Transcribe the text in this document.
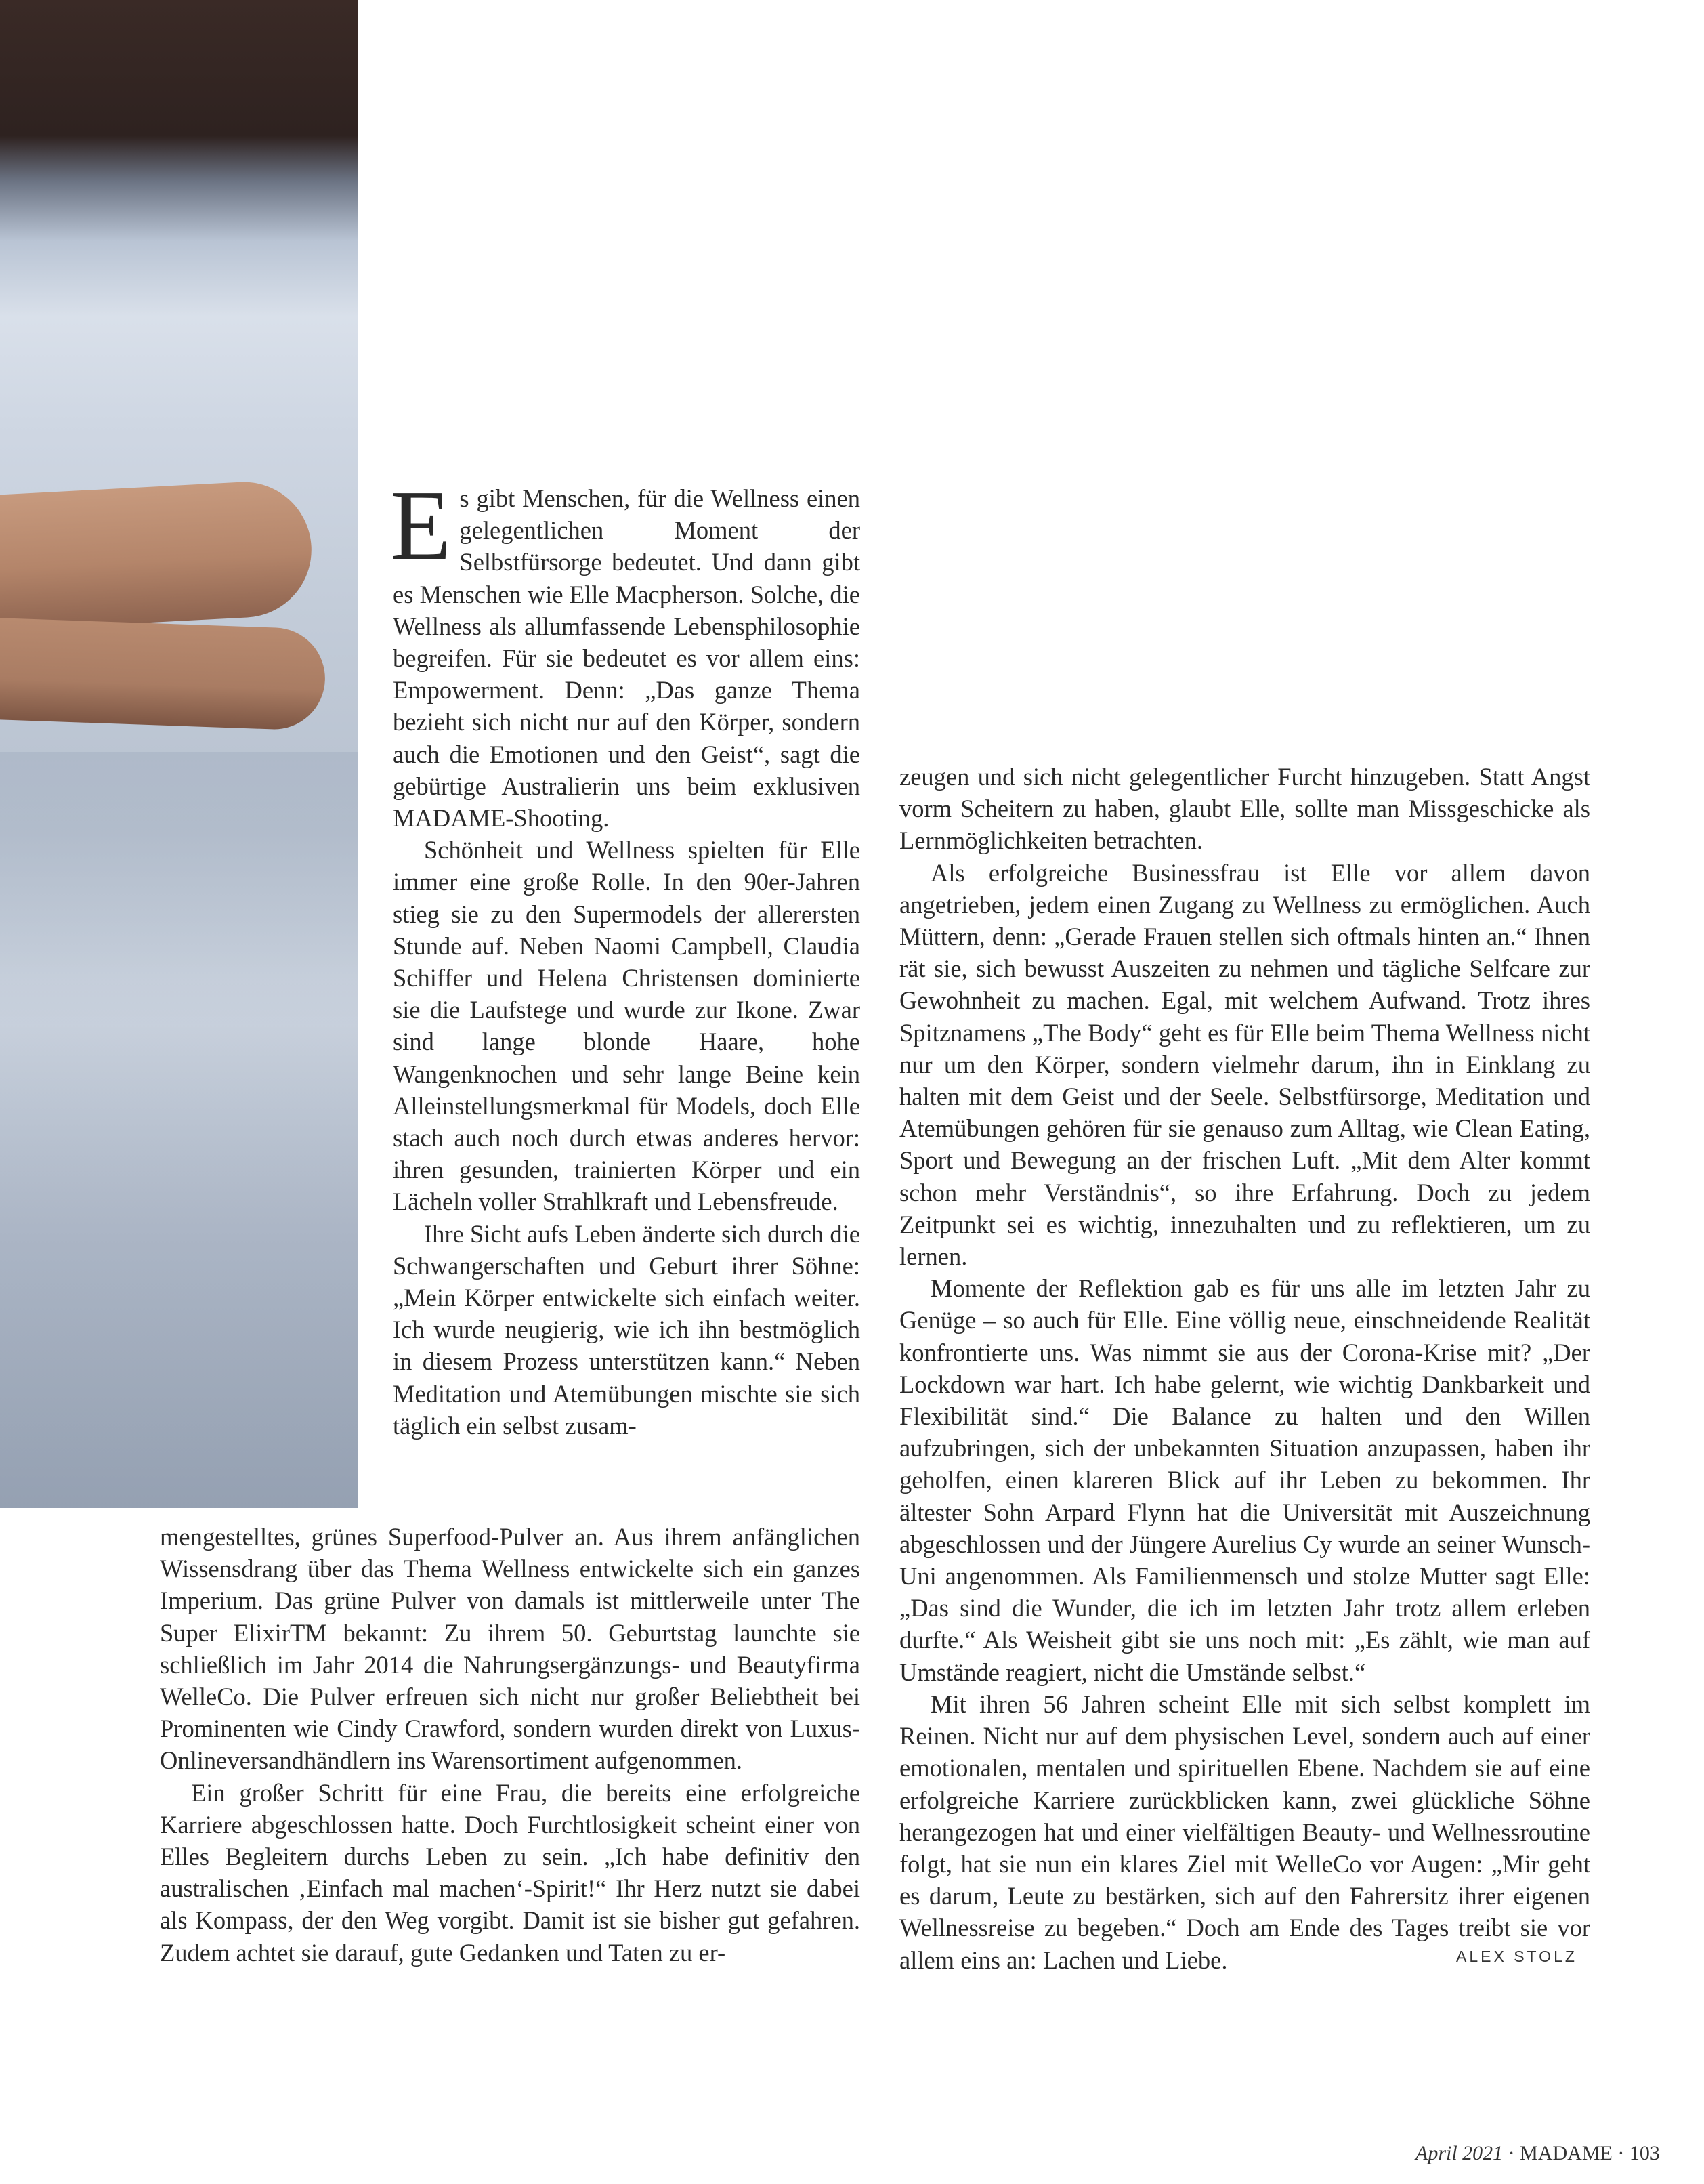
Es gibt Menschen, für die Wellness einen gelegentlichen Moment der Selbstfürsorge bedeutet. Und dann gibt es Menschen wie Elle Macpherson. Solche, die Wellness als allumfassende Lebensphilosophie begreifen. Für sie bedeutet es vor allem eins: Empowerment. Denn: „Das ganze Thema bezieht sich nicht nur auf den Körper, sondern auch die Emotionen und den Geist“, sagt die gebürtige Australierin uns beim exklusiven MADAME-Shooting.

Schönheit und Wellness spielten für Elle immer eine große Rolle. In den 90er-Jahren stieg sie zu den Supermodels der allerersten Stunde auf. Neben Naomi Campbell, Claudia Schiffer und Helena Christensen dominierte sie die Laufstege und wurde zur Ikone. Zwar sind lange blonde Haare, hohe Wangenknochen und sehr lange Beine kein Alleinstellungsmerkmal für Models, doch Elle stach auch noch durch etwas anderes hervor: ihren gesunden, trainierten Körper und ein Lächeln voller Strahlkraft und Lebensfreude.

Ihre Sicht aufs Leben änderte sich durch die Schwangerschaften und Geburt ihrer Söhne: „Mein Körper entwickelte sich einfach weiter. Ich wurde neugierig, wie ich ihn bestmöglich in diesem Prozess unterstützen kann.“ Neben Meditation und Atemübungen mischte sie sich täglich ein selbst zusam-

mengestelltes, grünes Superfood-Pulver an. Aus ihrem anfänglichen Wissensdrang über das Thema Wellness entwickelte sich ein ganzes Imperium. Das grüne Pulver von damals ist mittlerweile unter The Super ElixirTM bekannt: Zu ihrem 50. Geburtstag launchte sie schließlich im Jahr 2014 die Nahrungsergänzungs- und Beautyfirma WelleCo. Die Pulver erfreuen sich nicht nur großer Beliebtheit bei Prominenten wie Cindy Crawford, sondern wurden direkt von Luxus-Onlineversandhändlern ins Warensortiment aufgenommen.

Ein großer Schritt für eine Frau, die bereits eine erfolgreiche Karriere abgeschlossen hatte. Doch Furchtlosigkeit scheint einer von Elles Begleitern durchs Leben zu sein. „Ich habe definitiv den australischen ‚Einfach mal machen‘-Spirit!“ Ihr Herz nutzt sie dabei als Kompass, der den Weg vorgibt. Damit ist sie bisher gut gefahren. Zudem achtet sie darauf, gute Gedanken und Taten zu er-

zeugen und sich nicht gelegentlicher Furcht hinzugeben. Statt Angst vorm Scheitern zu haben, glaubt Elle, sollte man Missgeschicke als Lernmöglichkeiten betrachten.

Als erfolgreiche Businessfrau ist Elle vor allem davon angetrieben, jedem einen Zugang zu Wellness zu ermöglichen. Auch Müttern, denn: „Gerade Frauen stellen sich oftmals hinten an.“ Ihnen rät sie, sich bewusst Auszeiten zu nehmen und tägliche Selfcare zur Gewohnheit zu machen. Egal, mit welchem Aufwand. Trotz ihres Spitznamens „The Body“ geht es für Elle beim Thema Wellness nicht nur um den Körper, sondern vielmehr darum, ihn in Einklang zu halten mit dem Geist und der Seele. Selbstfürsorge, Meditation und Atemübungen gehören für sie genauso zum Alltag, wie Clean Eating, Sport und Bewegung an der frischen Luft. „Mit dem Alter kommt schon mehr Verständnis“, so ihre Erfahrung. Doch zu jedem Zeitpunkt sei es wichtig, innezuhalten und zu reflektieren, um zu lernen.

Momente der Reflektion gab es für uns alle im letzten Jahr zu Genüge – so auch für Elle. Eine völlig neue, einschneidende Realität konfrontierte uns. Was nimmt sie aus der Corona-Krise mit? „Der Lockdown war hart. Ich habe gelernt, wie wichtig Dankbarkeit und Flexibilität sind.“ Die Balance zu halten und den Willen aufzubringen, sich der unbekannten Situation anzupassen, haben ihr geholfen, einen klareren Blick auf ihr Leben zu bekommen. Ihr ältester Sohn Arpard Flynn hat die Universität mit Auszeichnung abgeschlossen und der Jüngere Aurelius Cy wurde an seiner Wunsch-Uni angenommen. Als Familienmensch und stolze Mutter sagt Elle: „Das sind die Wunder, die ich im letzten Jahr trotz allem erleben durfte.“ Als Weisheit gibt sie uns noch mit: „Es zählt, wie man auf Umstände reagiert, nicht die Umstände selbst.“

Mit ihren 56 Jahren scheint Elle mit sich selbst komplett im Reinen. Nicht nur auf dem physischen Level, sondern auch auf einer emotionalen, mentalen und spirituellen Ebene. Nachdem sie auf eine erfolgreiche Karriere zurückblicken kann, zwei glückliche Söhne herangezogen hat und einer vielfältigen Beauty- und Wellnessroutine folgt, hat sie nun ein klares Ziel mit WelleCo vor Augen: „Mir geht es darum, Leute zu bestärken, sich auf den Fahrersitz ihrer eigenen Wellnessreise zu begeben.“ Doch am Ende des Tages treibt sie vor allem eins an: Lachen und Liebe.	ALEX STOLZ
April 2021 · MADAME · 103
